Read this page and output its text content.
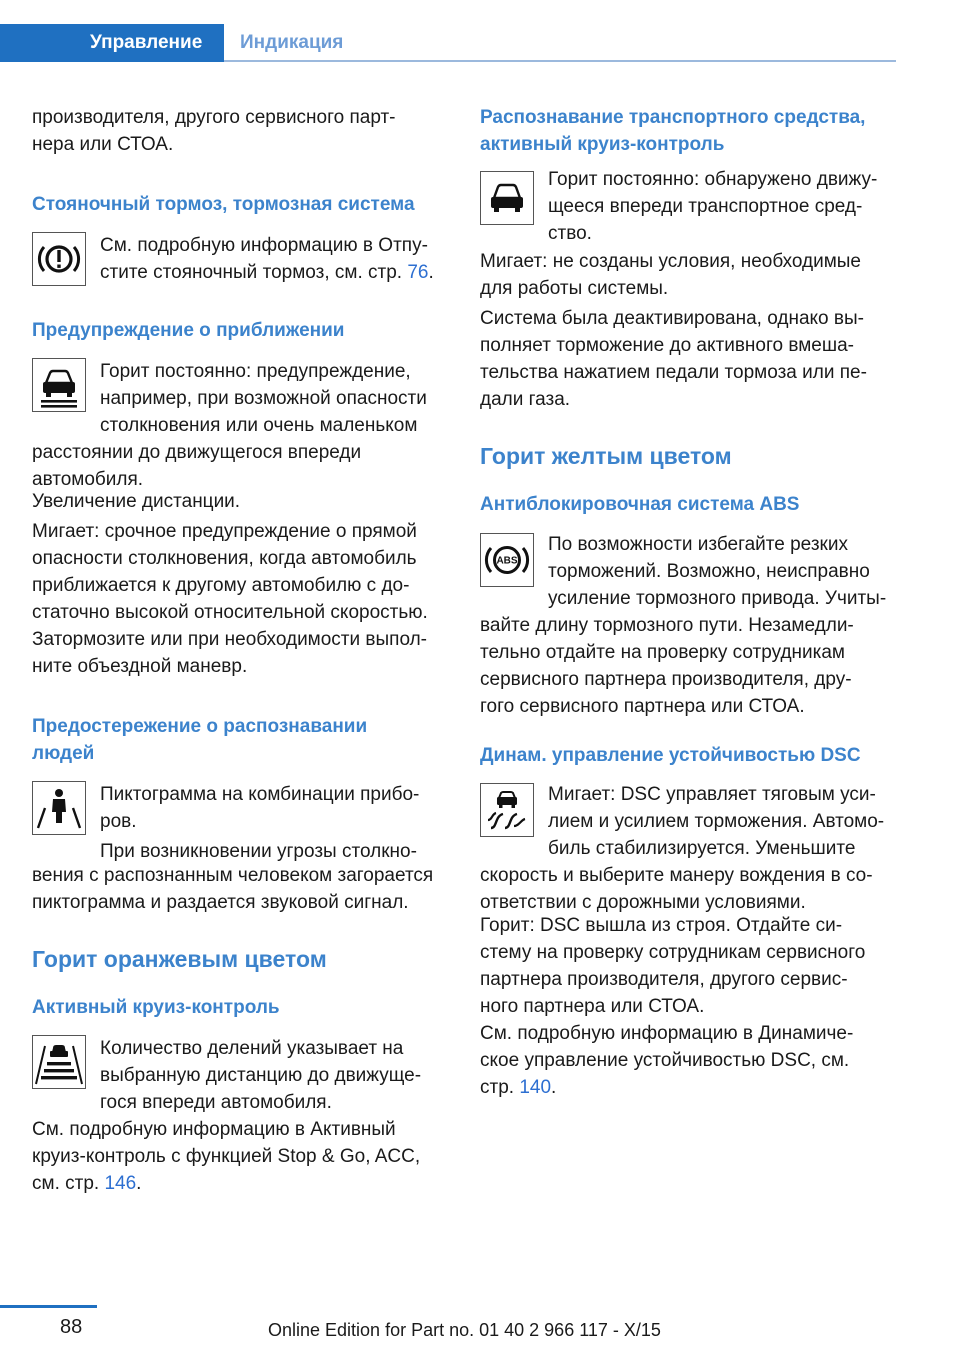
Управление	Индикация

производителя, другого сервисного парт‐

нера или СТОА.

Стояночный тормоз, тормозная система

См. подробную информацию в Отпу‐

стите стояночный тормоз, см. стр. 76.

Предупреждение о приближении

Горит постоянно: предупреждение,

например, при возможной опасности

столкновения или очень маленьком

расстоянии до движущегося впереди

автомобиля.

Увеличение дистанции.

Мигает: срочное предупреждение о прямой

опасности столкновения, когда автомобиль

приближается к другому автомобилю с до‐

статочно высокой относительной скоростью.

Затормозите или при необходимости выпол‐

ните объездной маневр.

Предостережение о распознавании
людей

Пиктограмма на комбинации прибо‐

ров.

При возникновении угрозы столкно‐

вения с распознанным человеком загорается

пиктограмма и раздается звуковой сигнал.

Горит оранжевым цветом
Активный круиз-контроль

Количество делений указывает на

выбранную дистанцию до движуще‐

гося впереди автомобиля.

См. подробную информацию в Активный

круиз-контроль с функцией Stop & Go, ACC,

см. стр. 146.

Распознавание транспортного средства,
активный круиз-контроль

Горит постоянно: обнаружено движу‐

щееся впереди транспортное сред‐

ство.

Мигает: не созданы условия, необходимые

для работы системы.

Система была деактивирована, однако вы‐

полняет торможение до активного вмеша‐

тельства нажатием педали тормоза или пе‐

дали газа.

Горит желтым цветом
Антиблокировочная система ABS
ABS

По возможности избегайте резких

торможений. Возможно, неисправно

усиление тормозного привода. Учиты‐

вайте длину тормозного пути. Незамедли‐

тельно отдайте на проверку сотрудникам

сервисного партнера производителя, дру‐

гого сервисного партнера или СТОА.

Динам. управление устойчивостью DSC

Мигает: DSC управляет тяговым уси‐

лием и усилием торможения. Автомо‐

биль стабилизируется. Уменьшите

скорость и выберите манеру вождения в со‐

ответствии с дорожными условиями.

Горит: DSC вышла из строя. Отдайте си‐

стему на проверку сотрудникам сервисного

партнера производителя, другого сервис‐

ного партнера или СТОА.

См. подробную информацию в Динамиче‐

ское управление устойчивостью DSC, см.

стр. 140.

88	Online Edition for Part no. 01 40 2 966 117 - X/15
